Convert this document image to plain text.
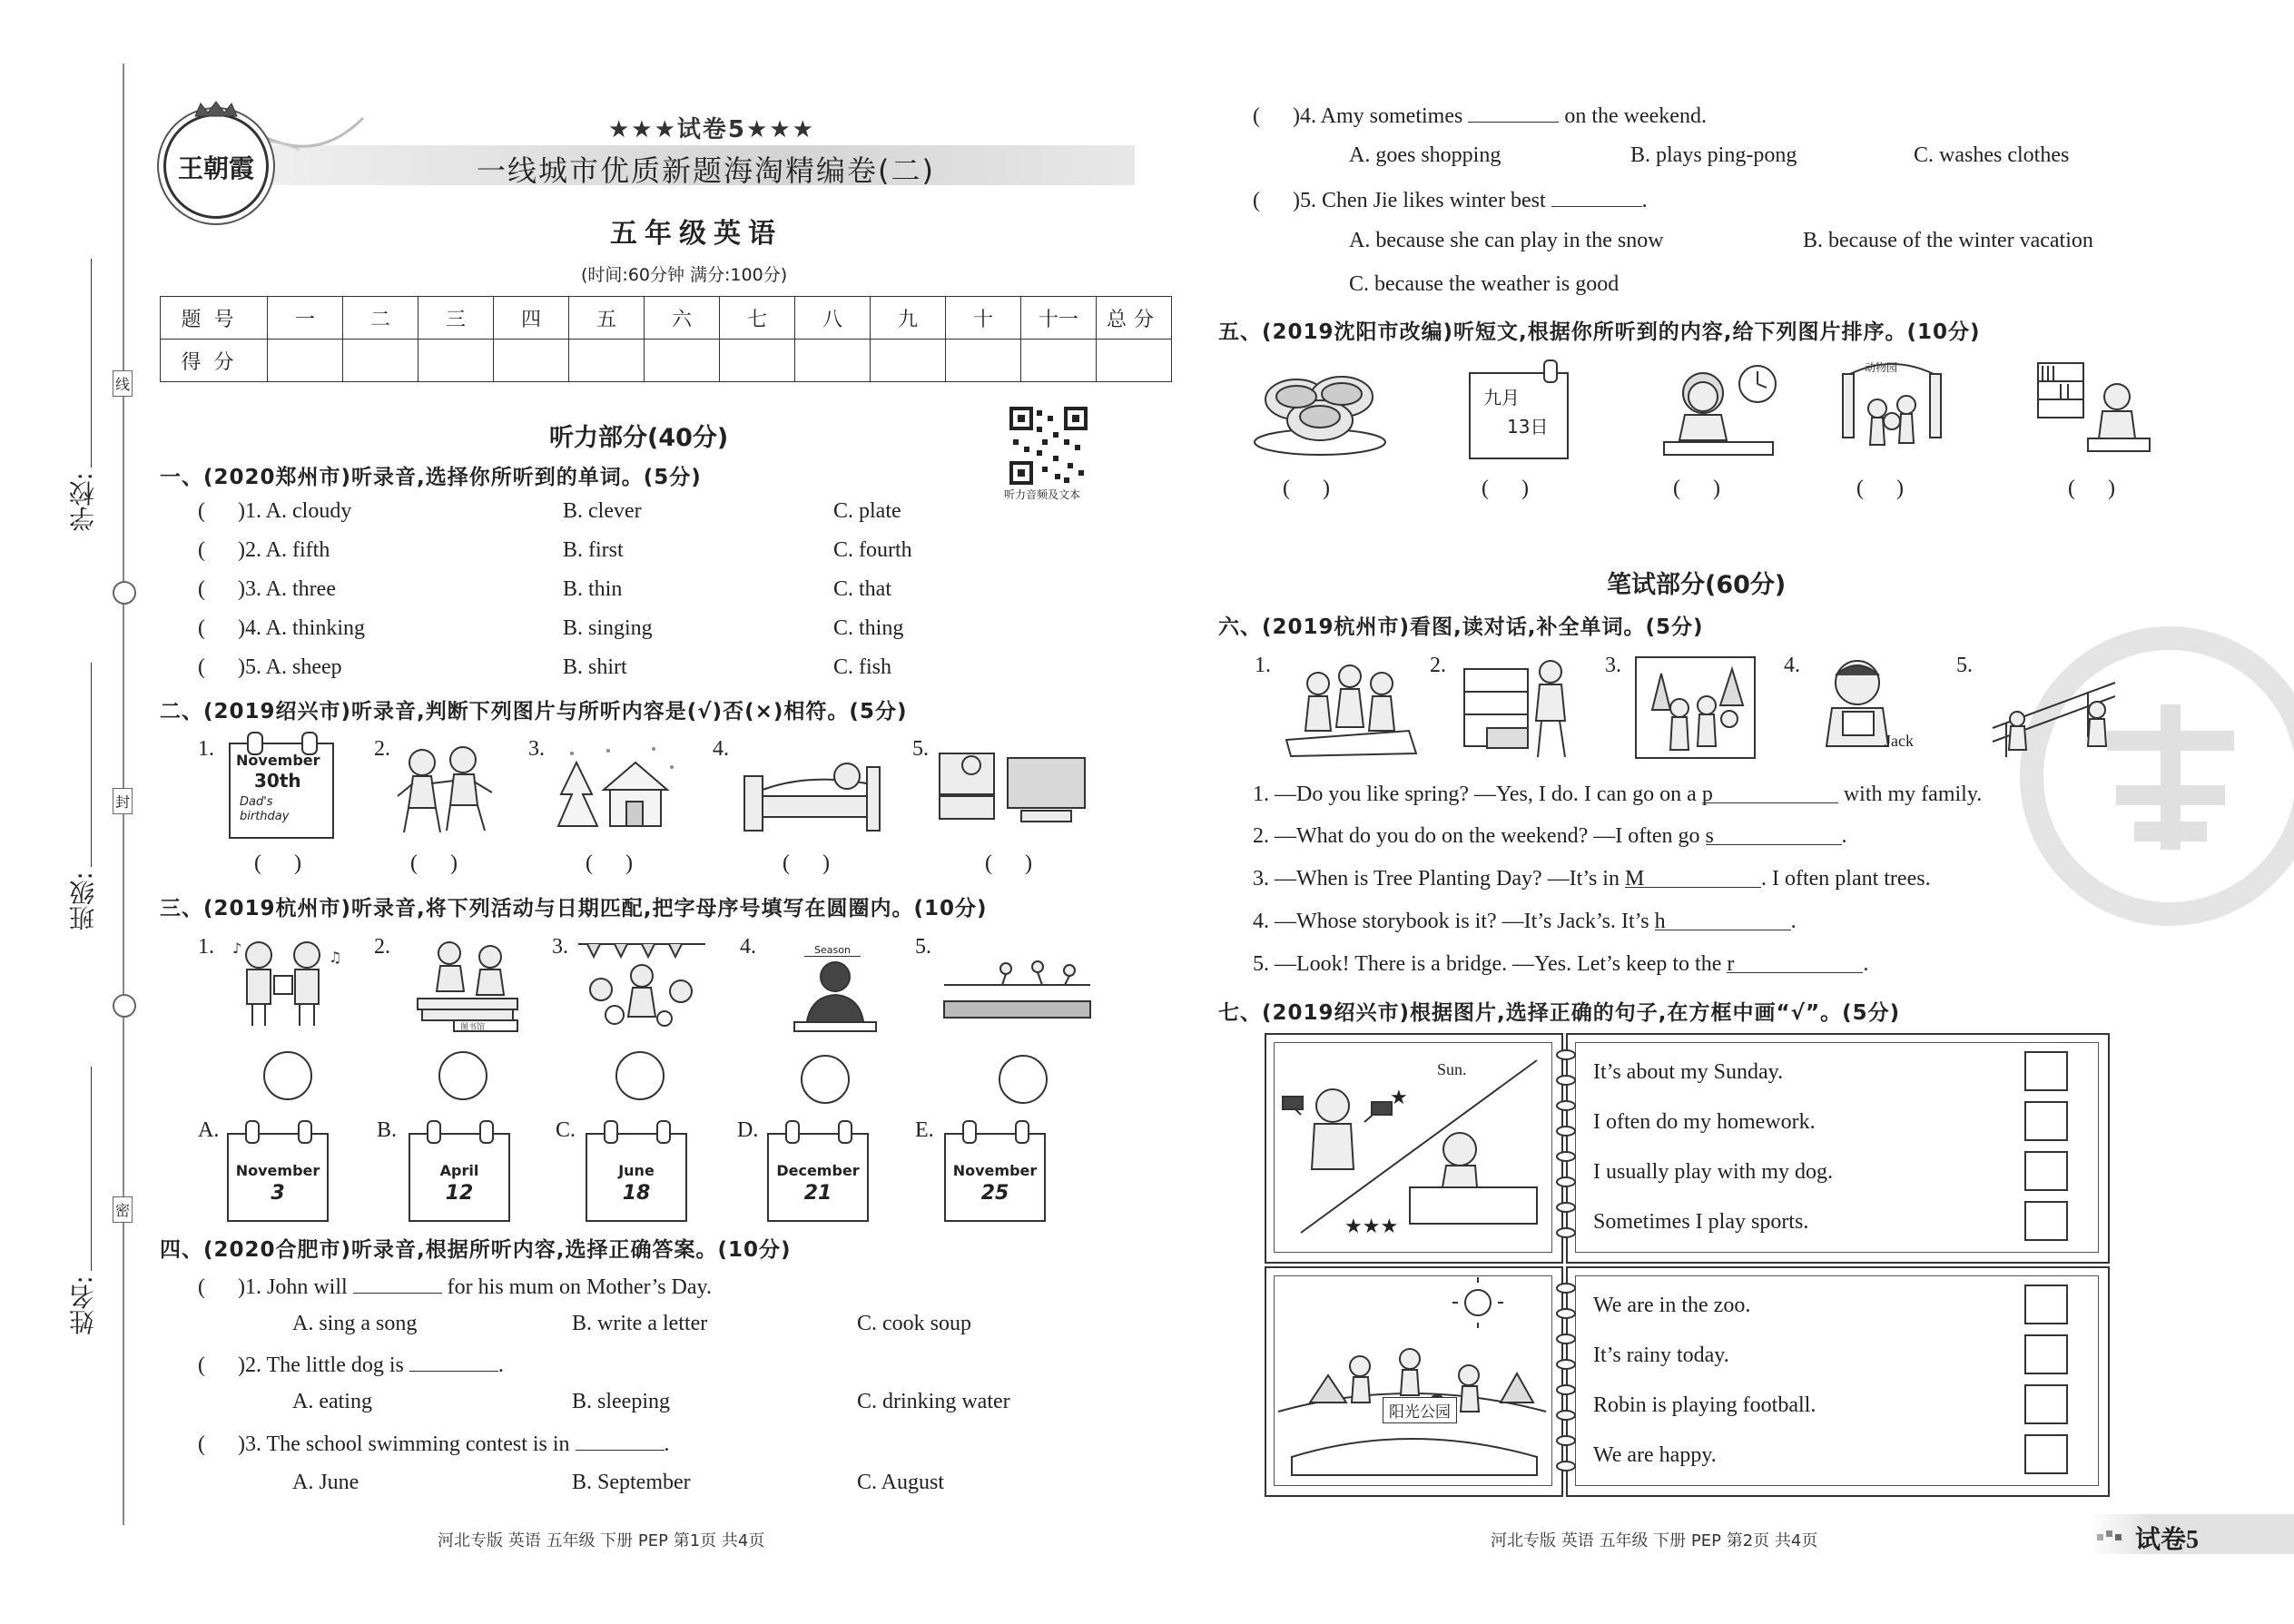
学校:
班级:
姓名:
线
封
密
王朝霞
★★★试卷5★★★
一线城市优质新题海淘精编卷(二)
五年级英语
(时间:60分钟 满分:100分)
题号	一	二	三	四	五	六	七	八	九	十	十一	总分
得分												
听力音频及文本
听力部分(40分)
一、(2020郑州市)听录音,选择你所听到的单词。(5分)
( )1. A. cloudy	B. clever	C. plate
( )2. A. fifth	B. first	C. fourth
( )3. A. three	B. thin	C. that
( )4. A. thinking	B. singing	C. thing
( )5. A. sheep	B. shirt	C. fish
二、(2019绍兴市)听录音,判断下列图片与所听内容是(√)否(×)相符。(5分)
1.	2.	3.	4.	5.
November
30th
Dad's
birthday
(      )	(      )	(      )	(      )	(      )
三、(2019杭州市)听录音,将下列活动与日期匹配,把字母序号填写在圆圈内。(10分)
1.	2.	3.	4.	5.
♪
♫
图书馆
Season
A.
November
3
B.
April
12
C.
June
18
D.
December
21
E.
November
25
四、(2020合肥市)听录音,根据所听内容,选择正确答案。(10分)
( )1. John will	for his mum on Mother’s Day.
A. sing a song	B. write a letter	C. cook soup
( )2. The little dog is	.
A. eating	B. sleeping	C. drinking water
( )3. The school swimming contest is in	.
A. June	B. September	C. August
河北专版 英语 五年级 下册 PEP 第1页 共4页
( )4. Amy sometimes	on the weekend.
A. goes shopping	B. plays ping-pong	C. washes clothes
( )5. Chen Jie likes winter best	.
A. because she can play in the snow	B. because of the winter vacation
C. because the weather is good
五、(2019沈阳市改编)听短文,根据你所听到的内容,给下列图片排序。(10分)
九月
13日
动物园
(      )	(      )	(      )	(      )	(      )
笔试部分(60分)
六、(2019杭州市)看图,读对话,补全单词。(5分)
1.	2.	3.	4.	5.
Jack
1. —Do you like spring? —Yes, I do. I can go on a p	with my family.
2. —What do you do on the weekend? —I often go s	.
3. —When is Tree Planting Day? —It’s in M	. I often plant trees.
4. —Whose storybook is it? —It’s Jack’s. It’s h	.
5. —Look! There is a bridge. —Yes. Let’s keep to the r	.
七、(2019绍兴市)根据图片,选择正确的句子,在方框中画“√”。(5分)
★
★★★
Sun.	It’s about my Sunday.
I often do my homework.
I usually play with my dog.
Sometimes I play sports.
阳光公园
We are in the zoo.
It’s rainy today.
Robin is playing football.
We are happy.
河北专版 英语 五年级 下册 PEP 第2页 共4页	试卷5
